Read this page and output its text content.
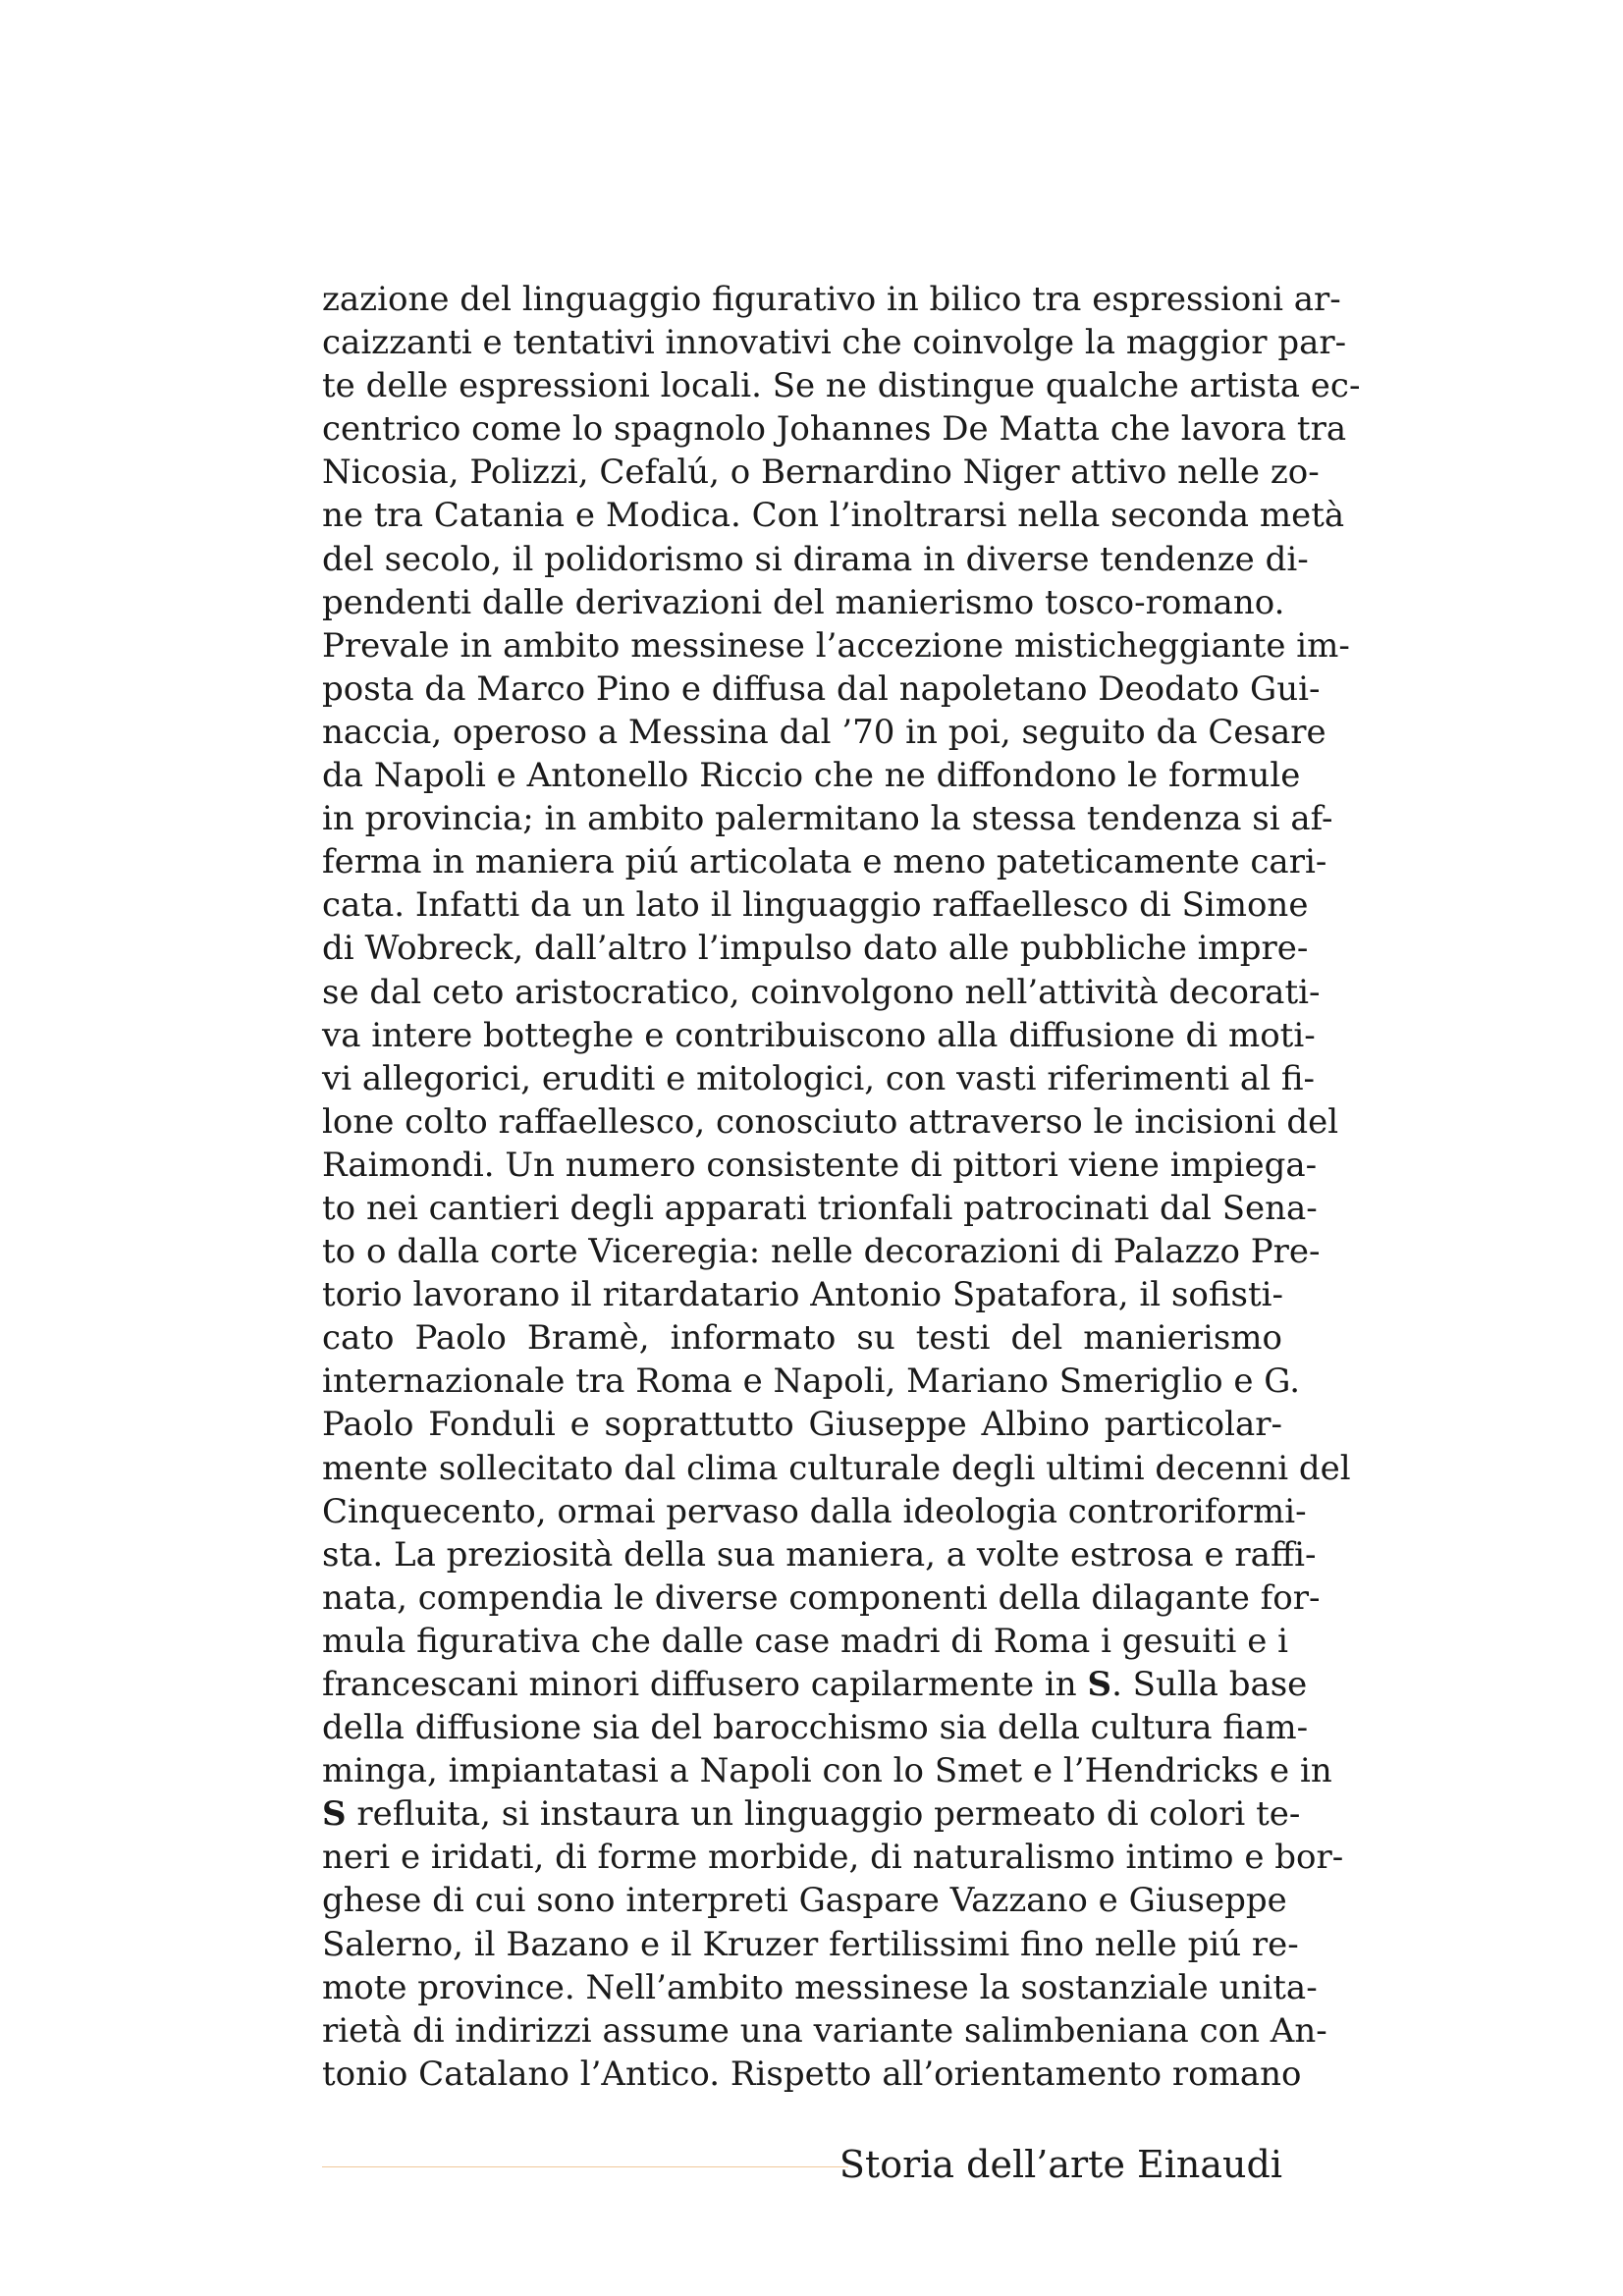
zazione del linguaggio figurativo in bilico tra espressioni ar-
caizzanti e tentativi innovativi che coinvolge la maggior par-
te delle espressioni locali. Se ne distingue qualche artista ec-
centrico come lo spagnolo Johannes De Matta che lavora tra
Nicosia, Polizzi, Cefalú, o Bernardino Niger attivo nelle zo-
ne tra Catania e Modica. Con l’inoltrarsi nella seconda metà
del secolo, il polidorismo si dirama in diverse tendenze di-
pendenti dalle derivazioni del manierismo tosco-romano.
Prevale in ambito messinese l’accezione misticheggiante im-
posta da Marco Pino e diffusa dal napoletano Deodato Gui-
naccia, operoso a Messina dal ’70 in poi, seguito da Cesare
da Napoli e Antonello Riccio che ne diffondono le formule
in provincia; in ambito palermitano la stessa tendenza si af-
ferma in maniera piú articolata e meno pateticamente cari-
cata. Infatti da un lato il linguaggio raffaellesco di Simone
di Wobreck, dall’altro l’impulso dato alle pubbliche impre-
se dal ceto aristocratico, coinvolgono nell’attività decorati-
va intere botteghe e contribuiscono alla diffusione di moti-
vi allegorici, eruditi e mitologici, con vasti riferimenti al fi-
lone colto raffaellesco, conosciuto attraverso le incisioni del
Raimondi. Un numero consistente di pittori viene impiega-
to nei cantieri degli apparati trionfali patrocinati dal Sena-
to o dalla corte Viceregia: nelle decorazioni di Palazzo Pre-
torio lavorano il ritardatario Antonio Spatafora, il sofisti-
cato Paolo Bramè, informato su testi del manierismo
internazionale tra Roma e Napoli, Mariano Smeriglio e G.
Paolo Fonduli e soprattutto Giuseppe Albino particolar-
mente sollecitato dal clima culturale degli ultimi decenni del
Cinquecento, ormai pervaso dalla ideologia controriformi-
sta. La preziosità della sua maniera, a volte estrosa e raffi-
nata, compendia le diverse componenti della dilagante for-
mula figurativa che dalle case madri di Roma i gesuiti e i
francescani minori diffusero capilarmente in S. Sulla base
della diffusione sia del barocchismo sia della cultura fiam-
minga, impiantatasi a Napoli con lo Smet e l’Hendricks e in
S refluita, si instaura un linguaggio permeato di colori te-
neri e iridati, di forme morbide, di naturalismo intimo e bor-
ghese di cui sono interpreti Gaspare Vazzano e Giuseppe
Salerno, il Bazano e il Kruzer fertilissimi fino nelle piú re-
mote province. Nell’ambito messinese la sostanziale unita-
rietà di indirizzi assume una variante salimbeniana con An-
tonio Catalano l’Antico. Rispetto all’orientamento romano
Storia dell’arte Einaudi
